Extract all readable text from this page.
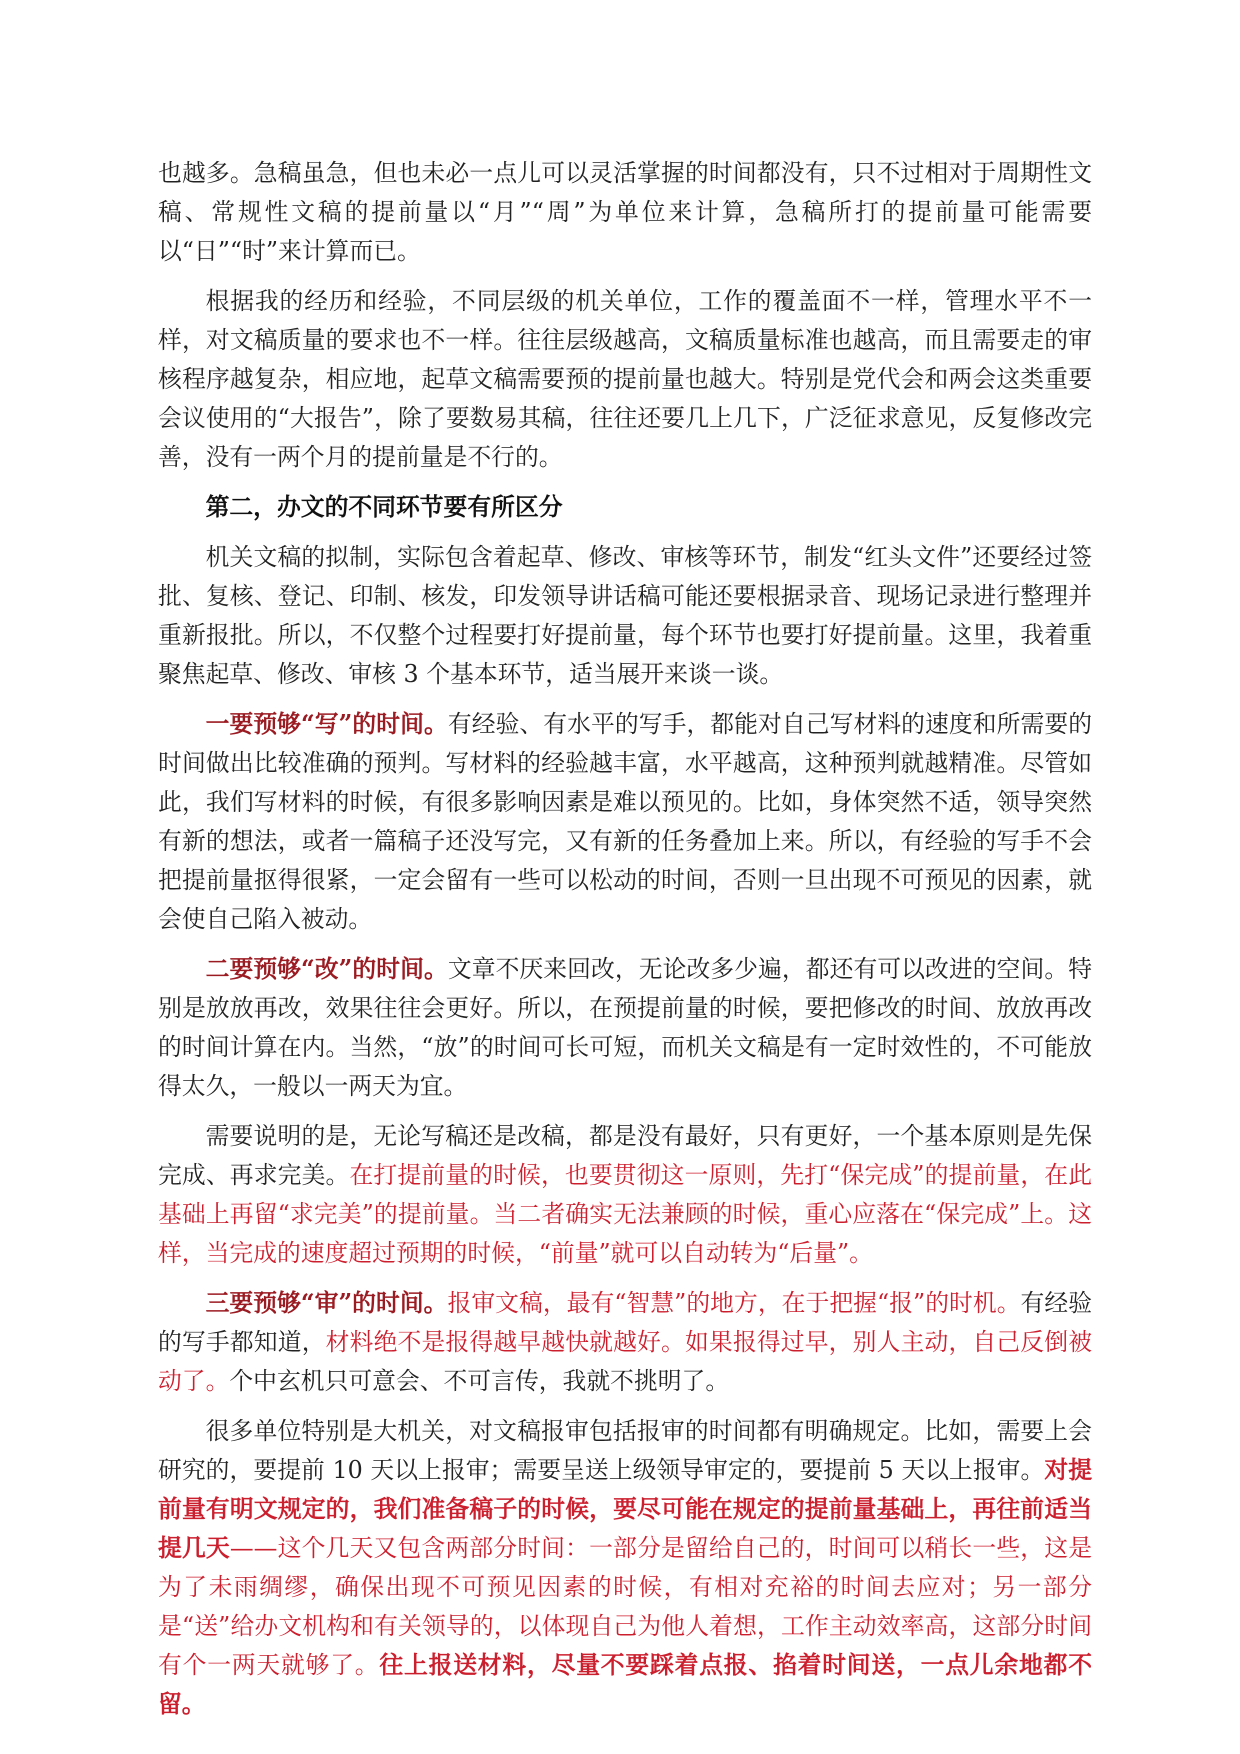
也越多。急稿虽急，但也未必一点儿可以灵活掌握的时间都没有，只不过相对于周期性文稿、常规性文稿的提前量以“月”“周”为单位来计算，急稿所打的提前量可能需要以“日”“时”来计算而已。

根据我的经历和经验，不同层级的机关单位，工作的覆盖面不一样，管理水平不一样，对文稿质量的要求也不一样。往往层级越高，文稿质量标准也越高，而且需要走的审核程序越复杂，相应地，起草文稿需要预的提前量也越大。特别是党代会和两会这类重要会议使用的“大报告”，除了要数易其稿，往往还要几上几下，广泛征求意见，反复修改完善，没有一两个月的提前量是不行的。

第二，办文的不同环节要有所区分

机关文稿的拟制，实际包含着起草、修改、审核等环节，制发“红头文件”还要经过签批、复核、登记、印制、核发，印发领导讲话稿可能还要根据录音、现场记录进行整理并重新报批。所以，不仅整个过程要打好提前量，每个环节也要打好提前量。这里，我着重聚焦起草、修改、审核 3 个基本环节，适当展开来谈一谈。

一要预够“写”的时间。有经验、有水平的写手，都能对自己写材料的速度和所需要的时间做出比较准确的预判。写材料的经验越丰富，水平越高，这种预判就越精准。尽管如此，我们写材料的时候，有很多影响因素是难以预见的。比如，身体突然不适，领导突然有新的想法，或者一篇稿子还没写完，又有新的任务叠加上来。所以，有经验的写手不会把提前量抠得很紧，一定会留有一些可以松动的时间，否则一旦出现不可预见的因素，就会使自己陷入被动。

二要预够“改”的时间。文章不厌来回改，无论改多少遍，都还有可以改进的空间。特别是放放再改，效果往往会更好。所以，在预提前量的时候，要把修改的时间、放放再改的时间计算在内。当然，“放”的时间可长可短，而机关文稿是有一定时效性的，不可能放得太久，一般以一两天为宜。

需要说明的是，无论写稿还是改稿，都是没有最好，只有更好，一个基本原则是先保完成、再求完美。在打提前量的时候，也要贯彻这一原则，先打“保完成”的提前量，在此基础上再留“求完美”的提前量。当二者确实无法兼顾的时候，重心应落在“保完成”上。这样，当完成的速度超过预期的时候，“前量”就可以自动转为“后量”。

三要预够“审”的时间。报审文稿，最有“智慧”的地方，在于把握“报”的时机。有经验的写手都知道，材料绝不是报得越早越快就越好。如果报得过早，别人主动，自己反倒被动了。个中玄机只可意会、不可言传，我就不挑明了。

很多单位特别是大机关，对文稿报审包括报审的时间都有明确规定。比如，需要上会研究的，要提前 10 天以上报审；需要呈送上级领导审定的，要提前 5 天以上报审。对提前量有明文规定的，我们准备稿子的时候，要尽可能在规定的提前量基础上，再往前适当提几天——这个几天又包含两部分时间：一部分是留给自己的，时间可以稍长一些，这是为了未雨绸缪，确保出现不可预见因素的时候，有相对充裕的时间去应对；另一部分是“送”给办文机构和有关领导的，以体现自己为他人着想，工作主动效率高，这部分时间有个一两天就够了。往上报送材料，尽量不要踩着点报、掐着时间送，一点儿余地都不留。
